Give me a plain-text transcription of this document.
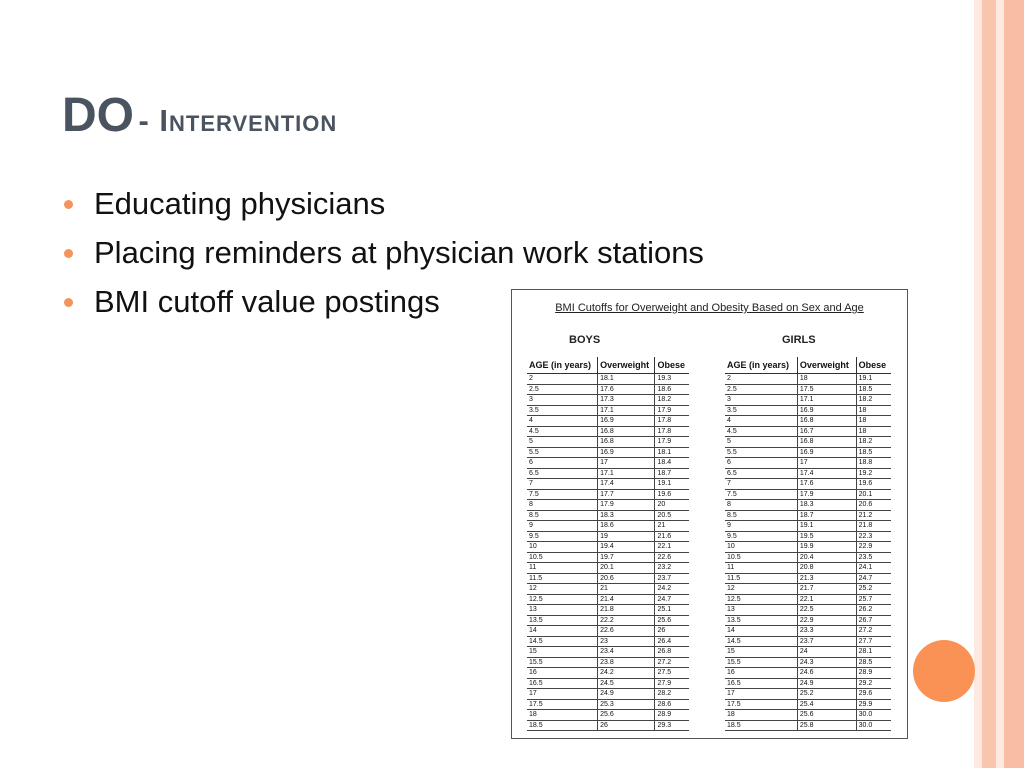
DO - Intervention
Educating physicians
Placing reminders at physician work stations
BMI cutoff value postings	BMI Cutoffs for Overweight and Obesity Based on Sex and Age
BOYS	GIRLS
AGE (in years)	Overweight	Obese
2	18.1	19.3
2.5	17.6	18.6
3	17.3	18.2
3.5	17.1	17.9
4	16.9	17.8
4.5	16.8	17.8
5	16.8	17.9
5.5	16.9	18.1
6	17	18.4
6.5	17.1	18.7
7	17.4	19.1
7.5	17.7	19.6
8	17.9	20
8.5	18.3	20.5
9	18.6	21
9.5	19	21.6
10	19.4	22.1
10.5	19.7	22.6
11	20.1	23.2
11.5	20.6	23.7
12	21	24.2
12.5	21.4	24.7
13	21.8	25.1
13.5	22.2	25.6
14	22.6	26
14.5	23	26.4
15	23.4	26.8
15.5	23.8	27.2
16	24.2	27.5
16.5	24.5	27.9
17	24.9	28.2
17.5	25.3	28.6
18	25.6	28.9
18.5	26	29.3
AGE (in years)	Overweight	Obese
2	18	19.1
2.5	17.5	18.5
3	17.1	18.2
3.5	16.9	18
4	16.8	18
4.5	16.7	18
5	16.8	18.2
5.5	16.9	18.5
6	17	18.8
6.5	17.4	19.2
7	17.6	19.6
7.5	17.9	20.1
8	18.3	20.6
8.5	18.7	21.2
9	19.1	21.8
9.5	19.5	22.3
10	19.9	22.9
10.5	20.4	23.5
11	20.8	24.1
11.5	21.3	24.7
12	21.7	25.2
12.5	22.1	25.7
13	22.5	26.2
13.5	22.9	26.7
14	23.3	27.2
14.5	23.7	27.7
15	24	28.1
15.5	24.3	28.5
16	24.6	28.9
16.5	24.9	29.2
17	25.2	29.6
17.5	25.4	29.9
18	25.6	30.0
18.5	25.8	30.0
